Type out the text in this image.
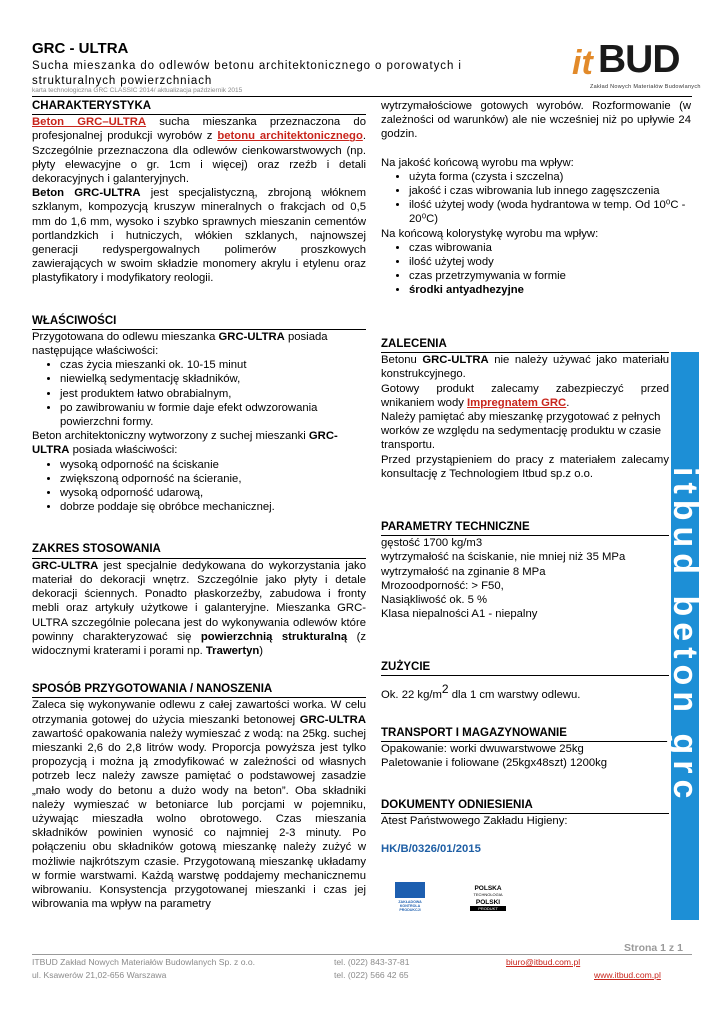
GRC - ULTRA
Sucha mieszanka do odlewów betonu architektonicznego o porowatych i strukturalnych powierzchniach
karta technologiczna GRC CLASSIC 2014/ aktualizacja październik 2015
it BUD
Zakład Nowych Materiałów Budowlanych
CHARAKTERYSTYKA

Beton GRC–ULTRA sucha mieszanka przeznaczona do profesjonalnej produkcji wyrobów z betonu architektonicznego. Szczególnie przeznaczona dla odlewów cienkowarstwowych (np. płyty elewacyjne o gr. 1cm i więcej) oraz rzeźb i detali dekoracyjnych i galanteryjnych.

Beton GRC-ULTRA jest specjalistyczną, zbrojoną włóknem szklanym, kompozycją kruszyw mineralnych o frakcjach od 0,5 mm do 1,6 mm, wysoko i szybko sprawnych mieszanin cementów portlandzkich i hutniczych, włókien szklanych, najnowszej generacji redyspergowalnych polimerów proszkowych zawierających w swoim składzie monomery akrylu i etylenu oraz plastyfikatory i modyfikatory reologii.

WŁAŚCIWOŚCI

Przygotowana do odlewu mieszanka GRC-ULTRA posiada następujące właściwości:

• czas życia mieszanki ok. 10-15 minut
• niewielką sedymentację składników,
• jest produktem łatwo obrabialnym,
• po zawibrowaniu w formie daje efekt odwzorowania powierzchni formy.

Beton architektoniczny wytworzony z suchej mieszanki GRC-ULTRA posiada właściwości:

• wysoką odporność na ściskanie
• zwiększoną odporność na ścieranie,
• wysoką odporność udarową,
• dobrze poddaje się obróbce mechanicznej.
ZAKRES STOSOWANIA

GRC-ULTRA jest specjalnie dedykowana do wykorzystania jako materiał do dekoracji wnętrz. Szczególnie jako płyty i detale dekoracji ściennych. Ponadto płaskorzeźby, zabudowa i fronty mebli oraz artykuły użytkowe i galanteryjne. Mieszanka GRC-ULTRA szczególnie polecana jest do wykonywania odlewów które powinny charakteryzować się powierzchnią strukturalną (z widocznymi kraterami i porami np. Trawertyn)

SPOSÓB PRZYGOTOWANIA / NANOSZENIA

Zaleca się wykonywanie odlewu z całej zawartości worka. W celu otrzymania gotowej do użycia mieszanki betonowej GRC-ULTRA zawartość opakowania należy wymieszać z wodą: na 25kg. suchej mieszanki 2,6 do 2,8 litrów wody. Proporcja powyższa jest tylko propozycją i można ją zmodyfikować w zależności od własnych potrzeb lecz należy zawsze pamiętać o podstawowej zasadzie „mało wody do betonu a dużo wody na beton”. Oba składniki należy wymieszać w betoniarce lub porcjami w pojemniku, używając mieszadła wolno obrotowego. Czas mieszania składników powinien wynosić co najmniej 2-3 minuty. Po połączeniu obu składników gotową mieszankę należy zużyć w możliwie najkrótszym czasie. Przygotowaną mieszankę układamy w formie warstwami. Każdą warstwę poddajemy mechanicznemu wibrowaniu. Konsystencja przygotowanej mieszanki i czas jej wibrowania ma wpływ na parametry

wytrzymałościowe gotowych wyrobów. Rozformowanie (w zależności od warunków) ale nie wcześniej niż po upływie 24 godzin.

Na jakość końcową wyrobu ma wpływ:

• użyta forma (czysta i szczelna)
• jakość i czas wibrowania lub innego zagęszczenia
• ilość użytej wody (woda hydrantowa w temp. Od 10⁰C - 20⁰C)

Na końcową kolorystykę wyrobu ma wpływ:

• czas wibrowania
• ilość użytej wody
• czas przetrzymywania w formie
• środki antyadhezyjne
ZALECENIA

Betonu GRC-ULTRA nie należy używać jako materiału konstrukcyjnego.

Gotowy produkt zalecamy zabezpieczyć przed wnikaniem wody Impregnatem GRC.

Należy pamiętać aby mieszankę przygotować z pełnych worków ze względu na sedymentację produktu w czasie transportu.

Przed przystąpieniem do pracy z materiałem zalecamy konsultację z Technologiem Itbud sp.z o.o.

PARAMETRY TECHNICZNE

gęstość 1700 kg/m3

wytrzymałość na ściskanie, nie mniej niż 35 MPa

wytrzymałość na zginanie 8 MPa

Mrozoodporność: > F50,

Nasiąkliwość ok. 5 %

Klasa niepalności A1 - niepalny

ZUŻYCIE

Ok. 22 $kg/m^2$ dla 1 cm warstwy odlewu.

TRANSPORT I MAGAZYNOWANIE

Opakowanie: worki dwuwarstwowe 25kg

Paletowanie i foliowane (25kgx48szt) 1200kg

DOKUMENTY ODNIESIENIA

Atest Państwowego Zakładu Higieny:

HK/B/0326/01/2015

ZAKŁADOWA
KONTROLA
PRODUKCJI
POLSKA
TECHNOLOGIA
POLSKI
PRODUKT
itbud beton grc
Strona 1 z 1
ITBUD Zakład Nowych Materiałów Budowlanych Sp. z o.o.
ul. Ksawerów 21,02-656 Warszawa
tel. (022) 843-37-81
tel. (022) 566 42 65
biuro@itbud.com.pl
www.itbud.com.pl
